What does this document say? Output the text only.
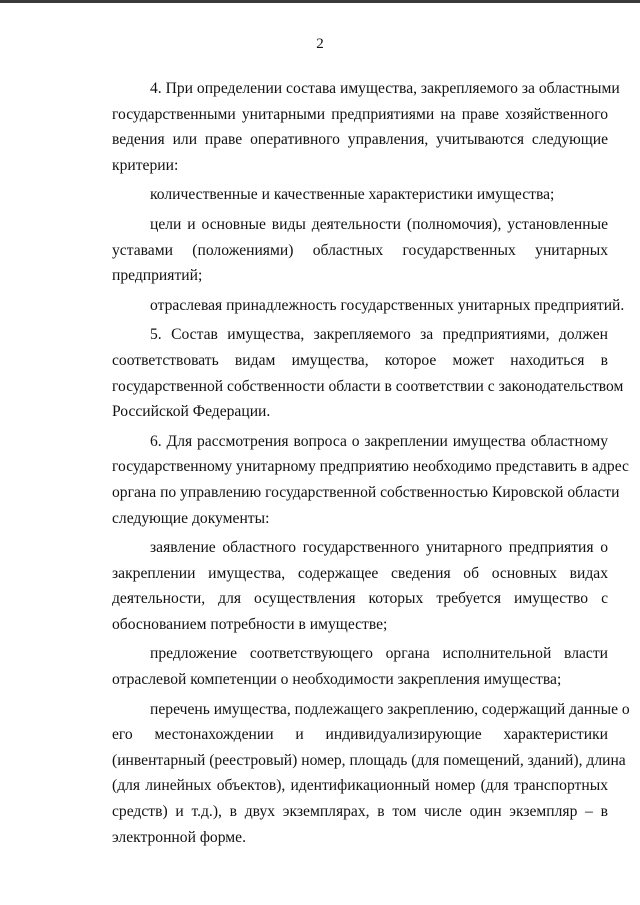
2
4. При определении состава имущества, закрепляемого за областными
государственными унитарными предприятиями на праве хозяйственного
ведения или праве оперативного управления, учитываются следующие
критерии:
количественные и качественные характеристики имущества;
цели и основные виды деятельности (полномочия), установленные
уставами (положениями) областных государственных унитарных
предприятий;
отраслевая принадлежность государственных унитарных предприятий.
5. Состав имущества, закрепляемого за предприятиями, должен
соответствовать видам имущества, которое может находиться в
государственной собственности области в соответствии с законодательством
Российской Федерации.
6. Для рассмотрения вопроса о закреплении имущества областному
государственному унитарному предприятию необходимо представить в адрес
органа по управлению государственной собственностью Кировской области
следующие документы:
заявление областного государственного унитарного предприятия о
закреплении имущества, содержащее сведения об основных видах
деятельности, для осуществления которых требуется имущество с
обоснованием потребности в имуществе;
предложение соответствующего органа исполнительной власти
отраслевой компетенции о необходимости закрепления имущества;
перечень имущества, подлежащего закреплению, содержащий данные о
его местонахождении и индивидуализирующие характеристики
(инвентарный (реестровый) номер, площадь (для помещений, зданий), длина
(для линейных объектов), идентификационный номер (для транспортных
средств) и т.д.), в двух экземплярах, в том числе один экземпляр – в
электронной форме.
